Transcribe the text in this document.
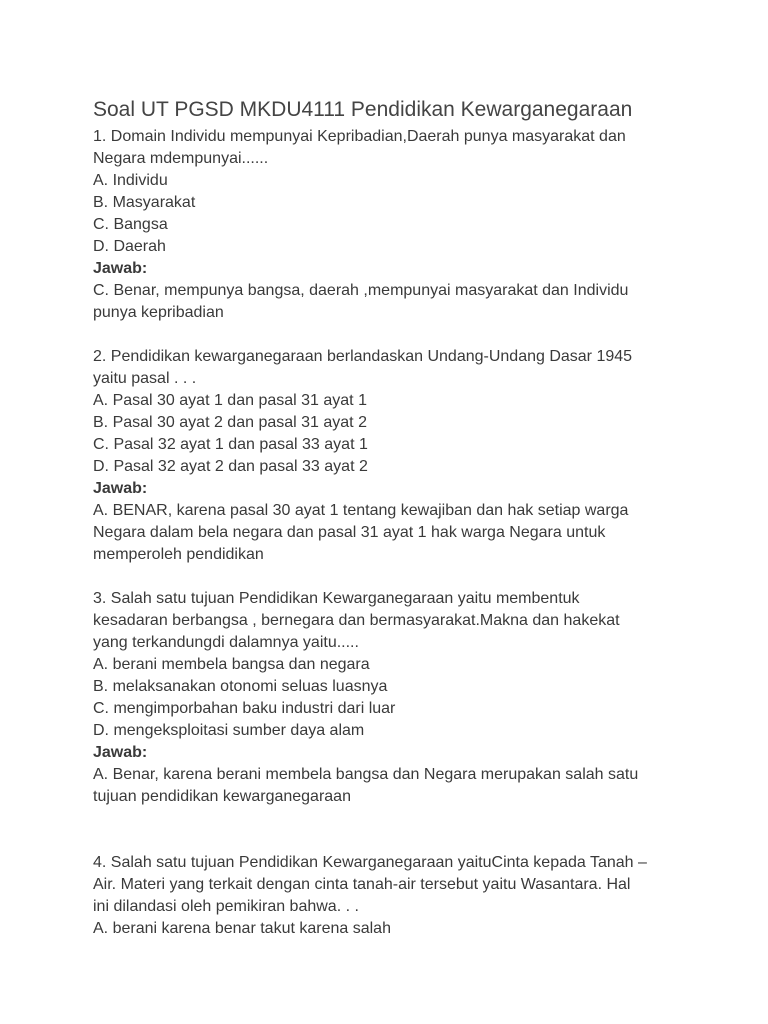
Soal UT PGSD MKDU4111 Pendidikan Kewarganegaraan
1. Domain Individu mempunyai Kepribadian,Daerah punya masyarakat dan
Negara mdempunyai......
A. Individu
B. Masyarakat
C. Bangsa
D. Daerah
Jawab:
C. Benar, mempunya bangsa, daerah ,mempunyai masyarakat dan Individu
punya kepribadian
2. Pendidikan kewarganegaraan berlandaskan Undang-Undang Dasar 1945
yaitu pasal . . .
A. Pasal 30 ayat 1 dan pasal 31 ayat 1
B. Pasal 30 ayat 2 dan pasal 31 ayat 2
C. Pasal 32 ayat 1 dan pasal 33 ayat 1
D. Pasal 32 ayat 2 dan pasal 33 ayat 2
Jawab:
A. BENAR, karena pasal 30 ayat 1 tentang kewajiban dan hak setiap warga
Negara dalam bela negara dan pasal 31 ayat 1 hak warga Negara untuk
memperoleh pendidikan
3. Salah satu tujuan Pendidikan Kewarganegaraan yaitu membentuk
kesadaran berbangsa , bernegara dan bermasyarakat.Makna dan hakekat
yang terkandungdi dalamnya yaitu.....
A. berani membela bangsa dan negara
B. melaksanakan otonomi seluas luasnya
C. mengimporbahan baku industri dari luar
D. mengeksploitasi sumber daya alam
Jawab:
A. Benar, karena berani membela bangsa dan Negara merupakan salah satu
tujuan pendidikan kewarganegaraan
4. Salah satu tujuan Pendidikan Kewarganegaraan yaituCinta kepada Tanah –
Air. Materi yang terkait dengan cinta tanah-air tersebut yaitu Wasantara. Hal
ini dilandasi oleh pemikiran bahwa. . .
A. berani karena benar takut karena salah
